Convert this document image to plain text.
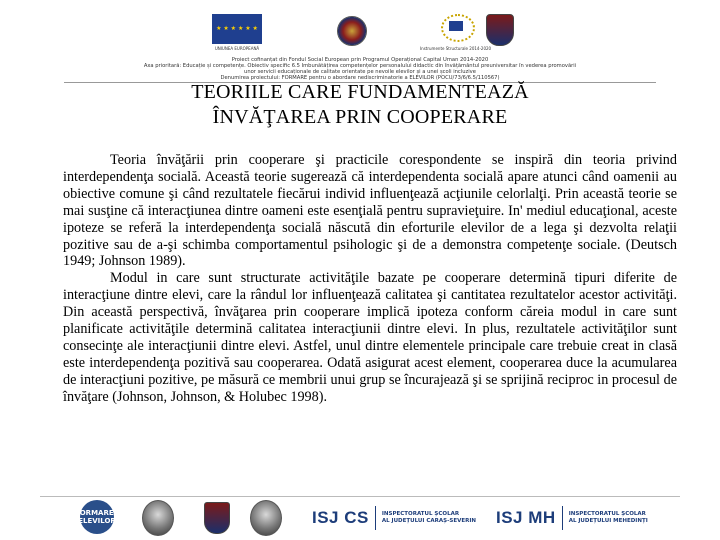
★ ★ ★ ★ ★ ★
UNIUNEA EUROPEANĂ	Instrumente Structurale 2014-2020
Proiect cofinanțat din Fondul Social European prin Programul Operațional Capital Uman 2014-2020
Axa prioritară: Educație și competențe. Obiectiv specific 6.5 Îmbunătățirea competențelor personalului didactic din învățământul preuniversitar în vederea promovării
unor servicii educaționale de calitate orientate pe nevoile elevilor și a unei școli incluzive
Denumirea proiectului: FORMARE pentru o abordare nediscriminatorie a ELEVILOR (POCU/73/6/6.5/110567)
TEORIILE CARE FUNDAMENTEAZĂ
ÎNVĂŢAREA PRIN COOPERARE

Teoria învăţării prin cooperare şi practicile corespondente se inspiră din teoria privind interdependenţa socială. Această teorie sugerează că interdependenta socială apare atunci când oamenii au obiective comune şi când rezultatele fiecărui individ influenţează acţiunile celorlalţi. Prin această teorie se mai susţine că interacţiunea dintre oameni este esenţială pentru supravieţuire. In' mediul educaţional, aceste ipoteze se referă la interdependenţa socială născută din eforturile elevilor de a lega şi dezvolta relaţii pozitive sau de a-şi schimba comportamentul psihologic şi de a demonstra competenţe sociale. (Deutsch 1949; Johnson 1989).

Modul in care sunt structurate activităţile bazate pe cooperare determină tipuri diferite de interacţiune dintre elevi, care la rândul lor influenţează calitatea şi cantitatea rezultatelor acestor activităţi. Din această perspectivă, învăţarea prin cooperare implică ipoteza conform căreia modul in care sunt planificate activităţile determină calitatea interacţiunii dintre elevi. In plus, rezultatele activităţilor sunt consecinţe ale interacţiunii dintre elevi. Astfel, unul dintre elementele principale care trebuie creat in clasă este interdependenţa pozitivă sau cooperarea. Odată asigurat acest element, cooperarea duce la acumularea de interacţiuni pozitive, pe măsură ce membrii unui grup se încurajează şi se sprijină reciproc in procesul de învăţare (Johnson, Johnson, & Holubec 1998).

FORMAREA ELEVILOR	ISJ CS INSPECTORATUL ȘCOLAR
AL JUDEȚULUI CARAȘ-SEVERIN ISJ MH INSPECTORATUL ȘCOLAR
AL JUDEȚULUI MEHEDINȚI
